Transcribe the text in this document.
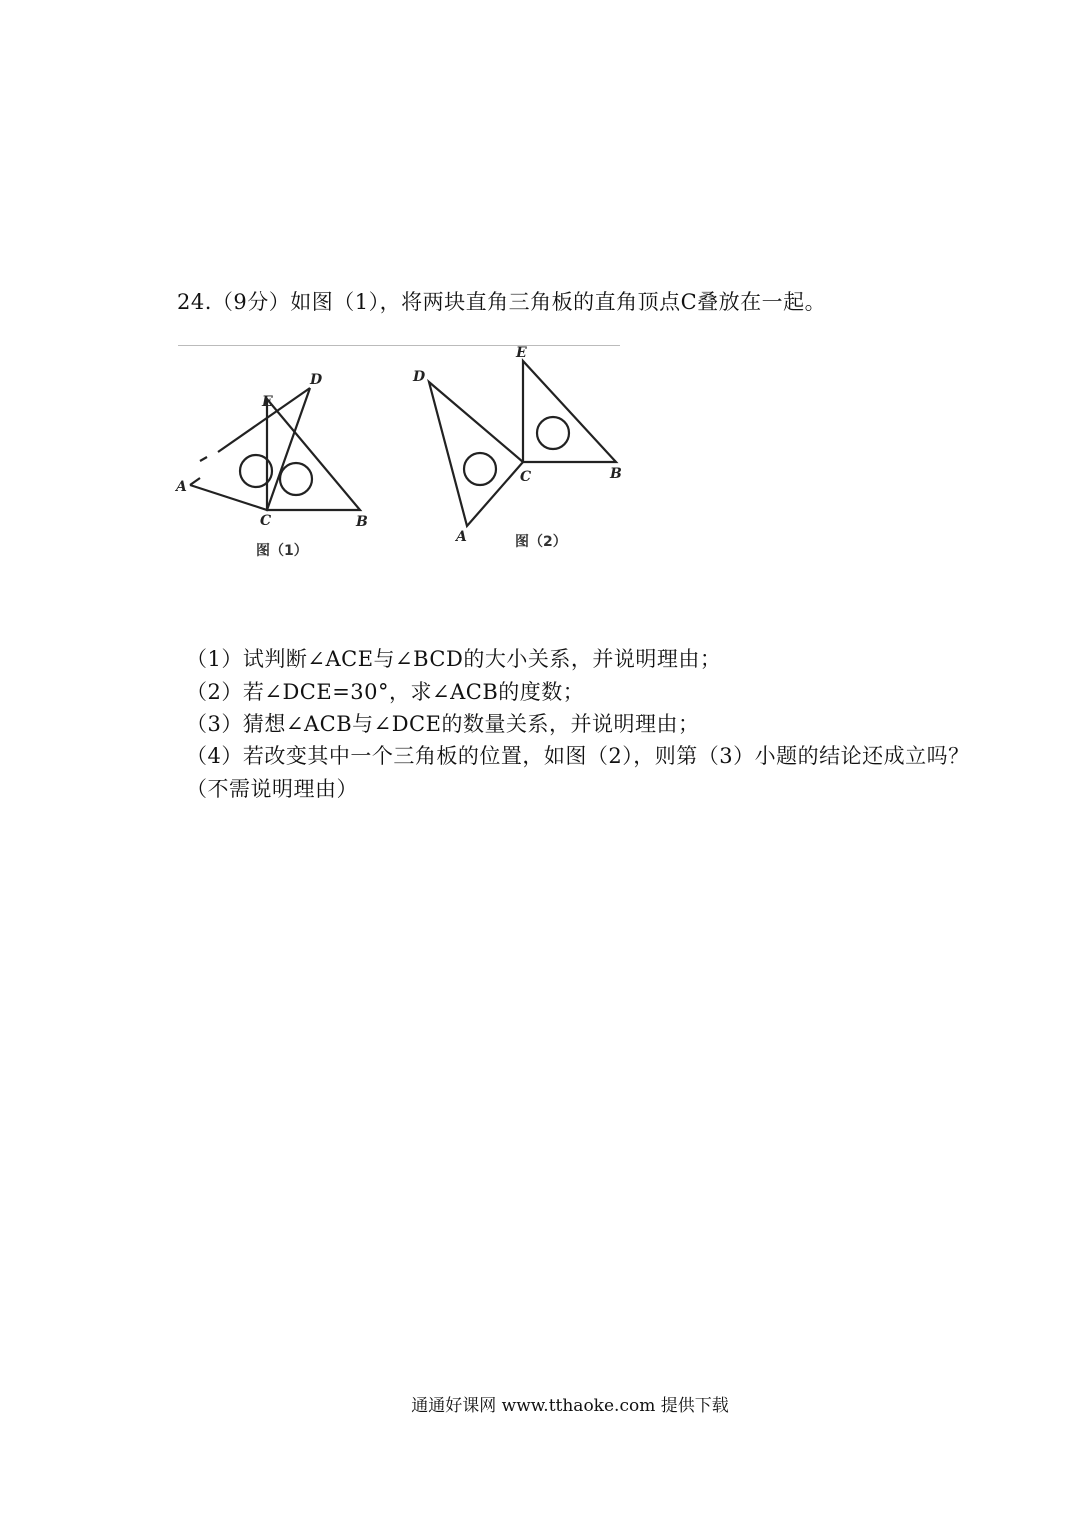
24.（9分）如图（1），将两块直角三角板的直角顶点C叠放在一起。
D
E
A
C	B
图（1）
E
D
C	B
A	图（2）
（1）试判断∠ACE与∠BCD的大小关系，并说明理由；
（2）若∠DCE=30°，求∠ACB的度数；
（3）猜想∠ACB与∠DCE的数量关系，并说明理由；
（4）若改变其中一个三角板的位置，如图（2），则第（3）小题的结论还成立吗？
（不需说明理由）
通通好课网 www.tthaoke.com 提供下载
